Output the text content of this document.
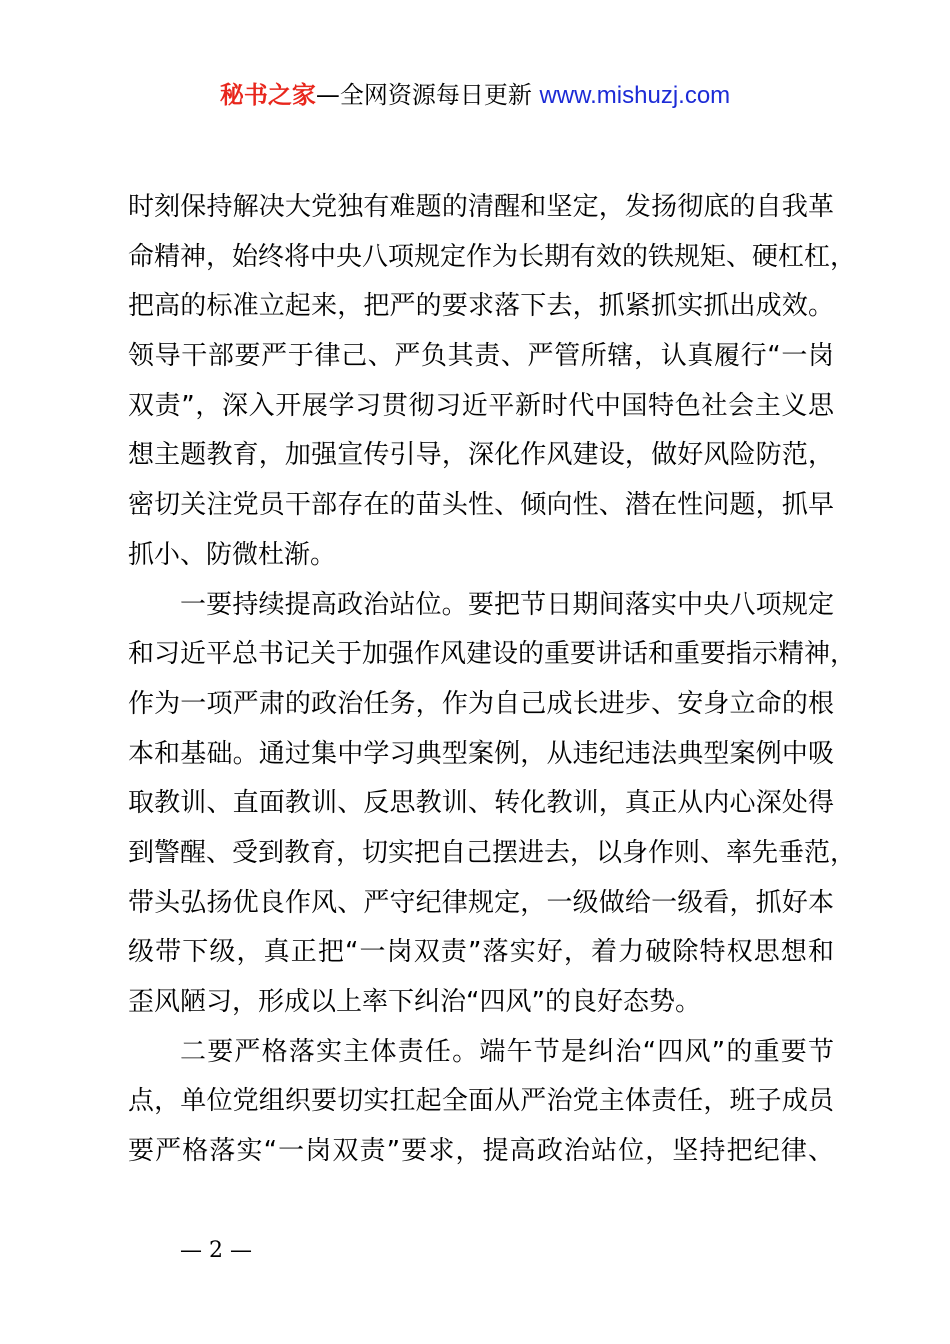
秘书之家—全网资源每日更新 www.mishuzj.com
时刻保持解决大党独有难题的清醒和坚定，发扬彻底的自我革
命精神，始终将中央八项规定作为长期有效的铁规矩、硬杠杠，
把高的标准立起来，把严的要求落下去，抓紧抓实抓出成效。
领导干部要严于律己、严负其责、严管所辖，认真履行“一岗
双责”，深入开展学习贯彻习近平新时代中国特色社会主义思
想主题教育，加强宣传引导，深化作风建设，做好风险防范，
密切关注党员干部存在的苗头性、倾向性、潜在性问题，抓早
抓小、防微杜渐。
一要持续提高政治站位。要把节日期间落实中央八项规定
和习近平总书记关于加强作风建设的重要讲话和重要指示精神，
作为一项严肃的政治任务，作为自己成长进步、安身立命的根
本和基础。通过集中学习典型案例，从违纪违法典型案例中吸
取教训、直面教训、反思教训、转化教训，真正从内心深处得
到警醒、受到教育，切实把自己摆进去，以身作则、率先垂范，
带头弘扬优良作风、严守纪律规定，一级做给一级看，抓好本
级带下级，真正把“一岗双责”落实好，着力破除特权思想和
歪风陋习，形成以上率下纠治“四风”的良好态势。
二要严格落实主体责任。端午节是纠治“四风”的重要节
点，单位党组织要切实扛起全面从严治党主体责任，班子成员
要严格落实“一岗双责”要求，提高政治站位，坚持把纪律、
— 2 —
